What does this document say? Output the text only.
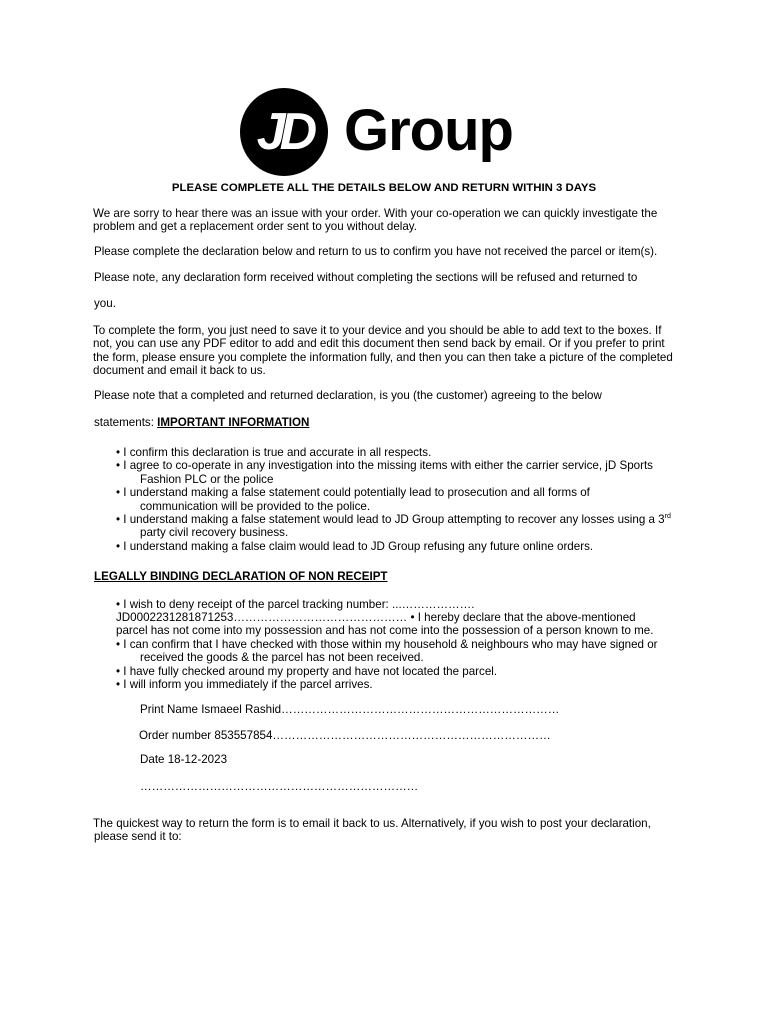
JD Group
PLEASE COMPLETE ALL THE DETAILS BELOW AND RETURN WITHIN 3 DAYS

We are sorry to hear there was an issue with your order. With your co-operation we can quickly investigate the

problem and get a replacement order sent to you without delay.

Please complete the declaration below and return to us to confirm you have not received the parcel or item(s).

Please note, any declaration form received without completing the sections will be refused and returned to

you.

To complete the form, you just need to save it to your device and you should be able to add text to the boxes. If

not, you can use any PDF editor to add and edit this document then send back by email. Or if you prefer to print

the form, please ensure you complete the information fully, and then you can then take a picture of the completed

document and email it back to us.

Please note that a completed and returned declaration, is you (the customer) agreeing to the below

statements: IMPORTANT INFORMATION

• I confirm this declaration is true and accurate in all respects.

• I agree to co-operate in any investigation into the missing items with either the carrier service, jD Sports

Fashion PLC or the police

• I understand making a false statement could potentially lead to prosecution and all forms of

communication will be provided to the police.

• I understand making a false statement would lead to JD Group attempting to recover any losses using a 3rd

party civil recovery business.

• I understand making a false claim would lead to JD Group refusing any future online orders.

LEGALLY BINDING DECLARATION OF NON RECEIPT

• I wish to deny receipt of the parcel tracking number: ...……………….

JD0002231281871253……………………………………… • I hereby declare that the above-mentioned

parcel has not come into my possession and has not come into the possession of a person known to me.

• I can confirm that I have checked with those within my household & neighbours who may have signed or

received the goods & the parcel has not been received.

• I have fully checked around my property and have not located the parcel.

• I will inform you immediately if the parcel arrives.

Print Name Ismaeel Rashid………………………………………………………………

Order number 853557854………………………………………………………………

Date 18-12-2023

………………………………………………………………

The quickest way to return the form is to email it back to us. Alternatively, if you wish to post your declaration,

please send it to:
